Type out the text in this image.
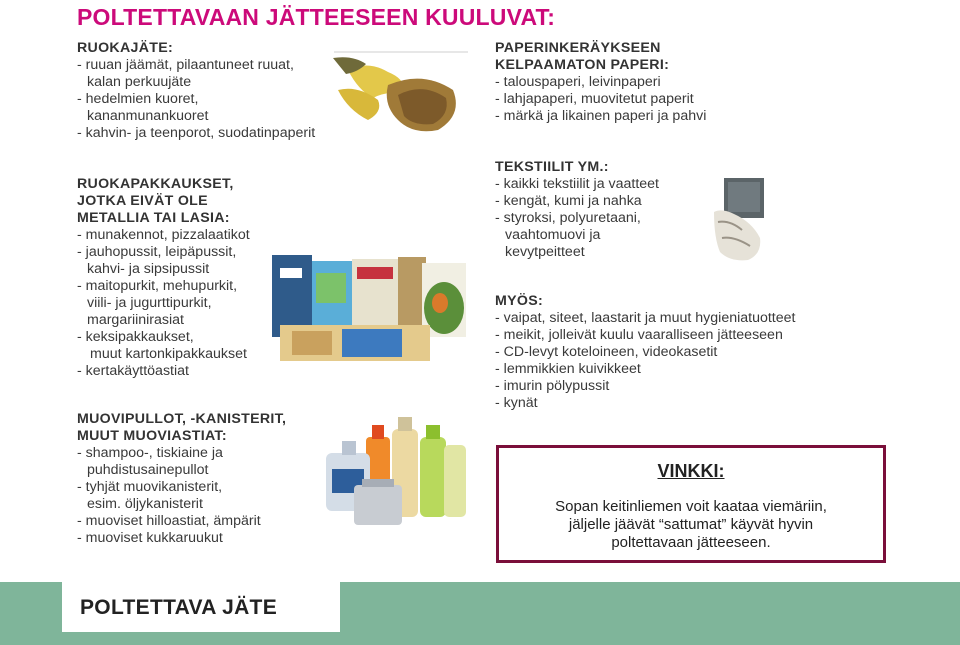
POLTETTAVAAN JÄTTEESEEN KUULUVAT:
RUOKAJÄTE:
- ruuan jäämät, pilaantuneet ruuat,
kalan perkuujäte
- hedelmien kuoret,
kananmunankuoret
- kahvin- ja teenporot, suodatinpaperit
RUOKAPAKKAUKSET,
JOTKA EIVÄT OLE
METALLIA TAI LASIA:
- munakennot, pizzalaatikot
- jauhopussit, leipäpussit,
kahvi- ja sipsipussit
- maitopurkit, mehupurkit,
viili- ja jugurttipurkit,
margariinirasiat
- keksipakkaukset,
muut kartonkipakkaukset
- kertakäyttöastiat
MUOVIPULLOT, -KANISTERIT,
MUUT MUOVIASTIAT:
- shampoo-, tiskiaine ja
puhdistusainepullot
- tyhjät muovikanisterit,
esim. öljykanisterit
- muoviset hilloastiat, ämpärit
- muoviset kukkaruukut
PAPERINKERÄYKSEEN
KELPAAMATON PAPERI:
- talouspaperi, leivinpaperi
- lahjapaperi, muovitetut paperit
- märkä ja likainen paperi ja pahvi
TEKSTIILIT YM.:
- kaikki tekstiilit ja vaatteet
- kengät, kumi ja nahka
- styroksi, polyuretaani,
vaahtomuovi ja
kevytpeitteet
MYÖS:
- vaipat, siteet, laastarit ja muut hygieniatuotteet
- meikit, jolleivät kuulu vaaralliseen jätteeseen
- CD-levyt koteloineen, videokasetit
- lemmikkien kuivikkeet
- imurin pölypussit
- kynät
VINKKI:
Sopan keitinliemen voit kaataa viemäriin,
jäljelle jäävät “sattumat” käyvät hyvin
poltettavaan jätteeseen.
POLTETTAVA JÄTE
